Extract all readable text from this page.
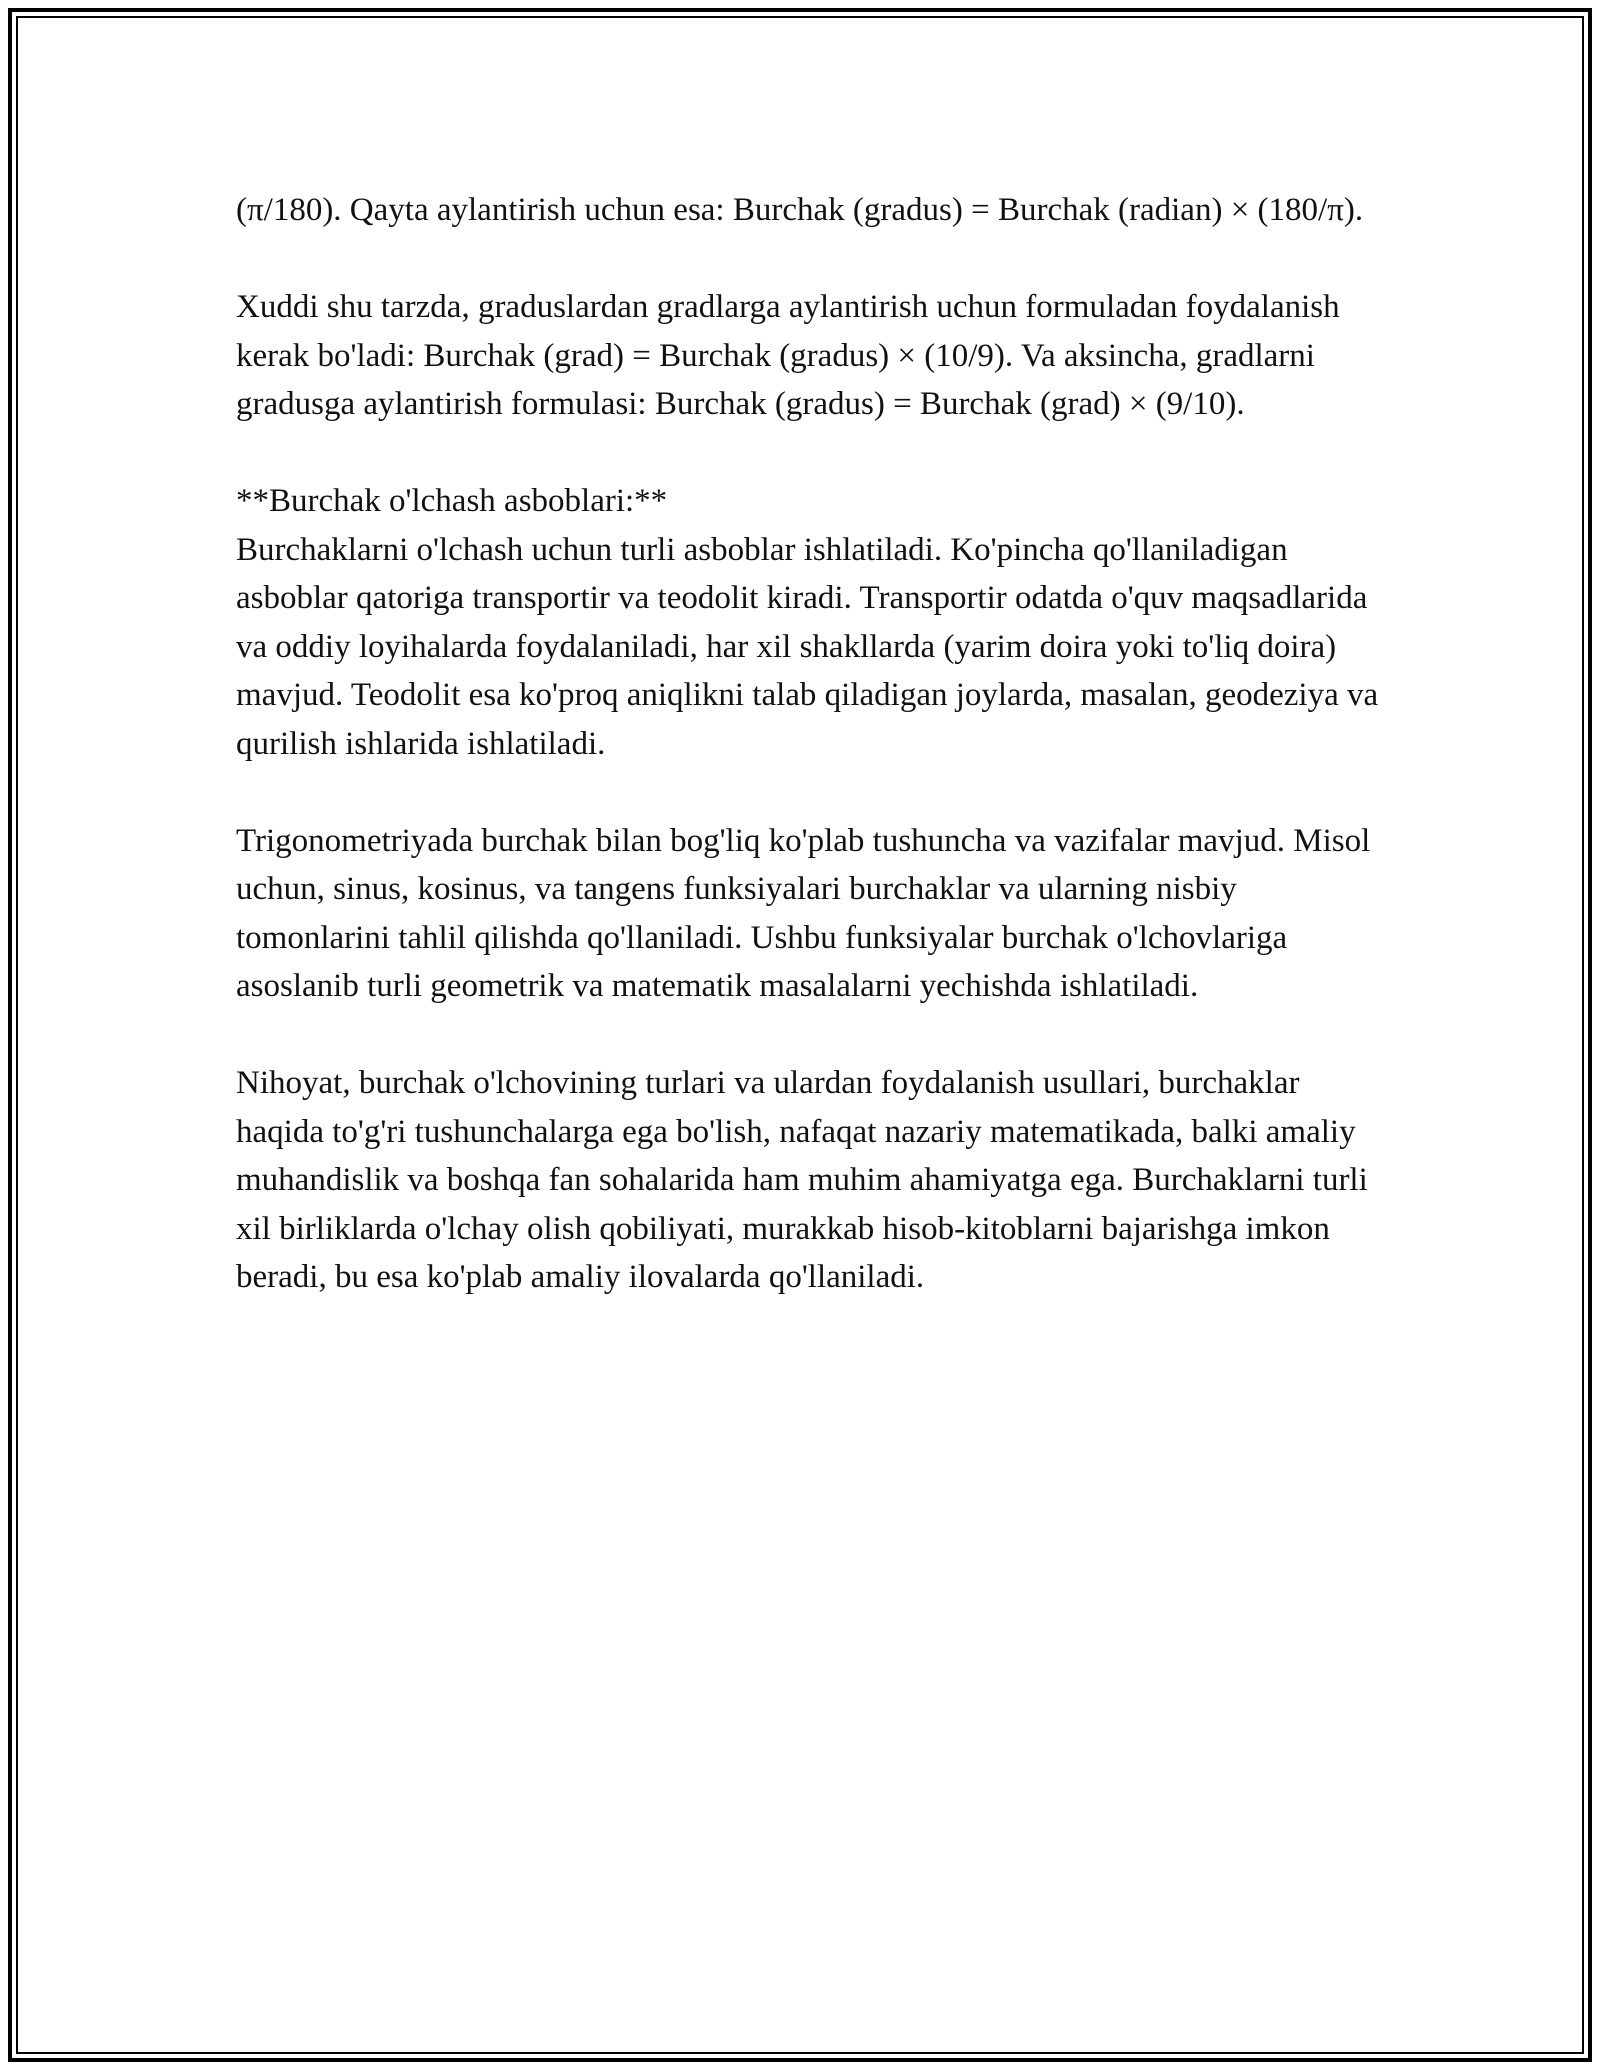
(π/180). Qayta aylantirish uchun esa: Burchak (gradus) = Burchak (radian) × (180/π).

Xuddi shu tarzda, graduslardan gradlarga aylantirish uchun formuladan foydalanish kerak bo'ladi: Burchak (grad) = Burchak (gradus) × (10/9). Va aksincha, gradlarni gradusga aylantirish formulasi: Burchak (gradus) = Burchak (grad) × (9/10).

**Burchak o'lchash asboblari:**
Burchaklarni o'lchash uchun turli asboblar ishlatiladi. Ko'pincha qo'llaniladigan asboblar qatoriga transportir va teodolit kiradi. Transportir odatda o'quv maqsadlarida va oddiy loyihalarda foydalaniladi, har xil shakllarda (yarim doira yoki to'liq doira) mavjud. Teodolit esa ko'proq aniqlikni talab qiladigan joylarda, masalan, geodeziya va qurilish ishlarida ishlatiladi.

Trigonometriyada burchak bilan bog'liq ko'plab tushuncha va vazifalar mavjud. Misol uchun, sinus, kosinus, va tangens funksiyalari burchaklar va ularning nisbiy tomonlarini tahlil qilishda qo'llaniladi. Ushbu funksiyalar burchak o'lchovlariga asoslanib turli geometrik va matematik masalalarni yechishda ishlatiladi.

Nihoyat, burchak o'lchovining turlari va ulardan foydalanish usullari, burchaklar haqida to'g'ri tushunchalarga ega bo'lish, nafaqat nazariy matematikada, balki amaliy muhandislik va boshqa fan sohalarida ham muhim ahamiyatga ega. Burchaklarni turli xil birliklarda o'lchay olish qobiliyati, murakkab hisob-kitoblarni bajarishga imkon beradi, bu esa ko'plab amaliy ilovalarda qo'llaniladi.
